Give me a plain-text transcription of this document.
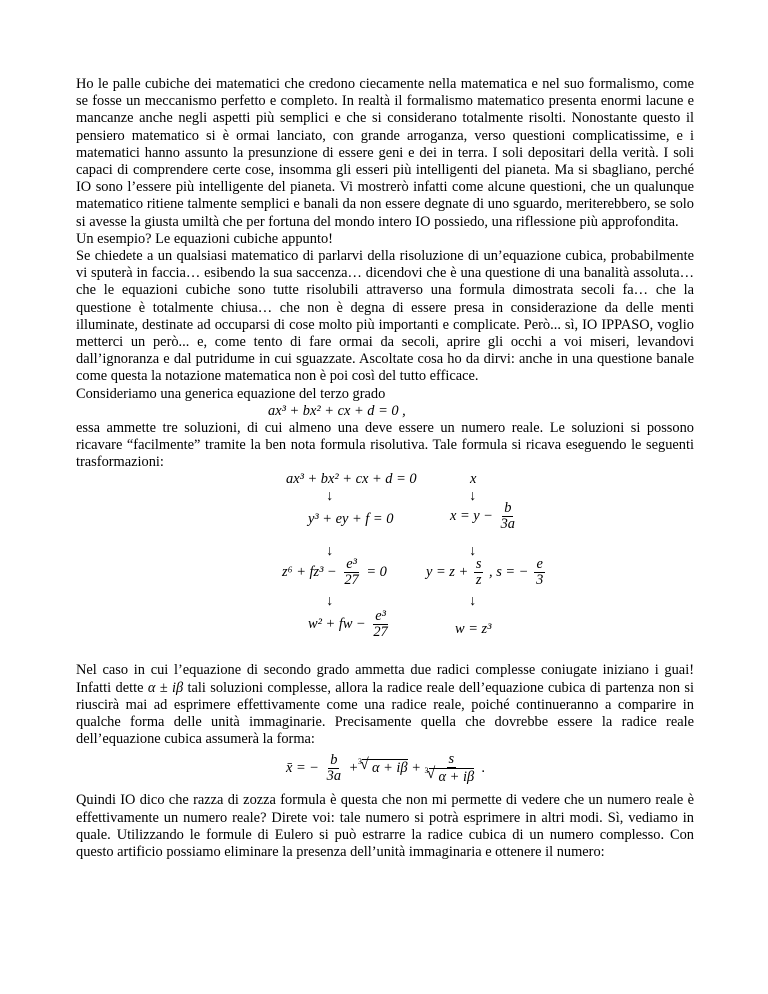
Ho le palle cubiche dei matematici che credono ciecamente nella matematica e nel suo formalismo, come se fosse un meccanismo perfetto e completo. In realtà il formalismo matematico presenta enormi lacune e mancanze anche negli aspetti più semplici e che si considerano totalmente risolti. Nonostante questo il pensiero matematico si è ormai lanciato, con grande arroganza, verso questioni complicatissime, e i matematici hanno assunto la presunzione di essere geni e dei in terra. I soli depositari della verità. I soli capaci di comprendere certe cose, insomma gli esseri più intelligenti del pianeta. Ma si sbagliano, perché IO sono l’essere più intelligente del pianeta. Vi mostrerò infatti come alcune questioni, che un qualunque matematico ritiene talmente semplici e banali da non essere degnate di uno sguardo, meriterebbero, se solo si avesse la giusta umiltà che per fortuna del mondo intero IO possiedo, una riflessione più approfondita.

Un esempio? Le equazioni cubiche appunto!

Se chiedete a un qualsiasi matematico di parlarvi della risoluzione di un’equazione cubica, probabilmente vi sputerà in faccia… esibendo la sua saccenza… dicendovi che è una questione di una banalità assoluta… che le equazioni cubiche sono tutte risolubili attraverso una formula dimostrata secoli fa… che la questione è totalmente chiusa… che non è degna di essere presa in considerazione da delle menti illuminate, destinate ad occuparsi di cose molto più importanti e complicate. Però... sì, IO IPPASO, voglio metterci un però... e, come tento di fare ormai da secoli, aprire gli occhi a voi miseri, levandovi dall’ignoranza e dal putridume in cui sguazzate. Ascoltate cosa ho da dirvi: anche in una questione banale come questa la notazione matematica non è poi così del tutto efficace.

Consideriamo una generica equazione del terzo grado

ax³ + bx² + cx + d = 0 ,

essa ammette tre soluzioni, di cui almeno una deve essere un numero reale. Le soluzioni si possono ricavare “facilmente” tramite la ben nota formula risolutiva. Tale formula si ricava eseguendo le seguenti trasformazioni:

ax³ + bx² + cx + d = 0	x
↓	↓
y³ + ey + f = 0	$x = y - \frac{b}{3a}$
↓	↓
$z^6 + fz^3 - \frac{\text{e³}}{27} = 0$	$y = z + \frac{s}{z}$ , s = − $\frac{e}{3}$
↓	↓
w² + fw − $\frac{\text{e³}}{27}$	w = z³

Nel caso in cui l’equazione di secondo grado ammetta due radici complesse coniugate iniziano i guai! Infatti dette α ± iβ tali soluzioni complesse, allora la radice reale dell’equazione cubica di partenza non si riuscirà mai ad esprimere effettivamente come una radice reale, poiché continueranno a comparire in qualche forma delle unità immaginarie. Precisamente quella che dovrebbe essere la radice reale dell’equazione cubica assumerà la forma:

x̄ = − $\frac{b}{3a}$ +
√ 3 α + iβ + s
√ 3 α + iβ .

Quindi IO dico che razza di zozza formula è questa che non mi permette di vedere che un numero reale è effettivamente un numero reale? Direte voi: tale numero si potrà esprimere in altri modi. Sì, vediamo in quale. Utilizzando le formule di Eulero si può estrarre la radice cubica di un numero complesso. Con questo artificio possiamo eliminare la presenza dell’unità immaginaria e ottenere il numero:
